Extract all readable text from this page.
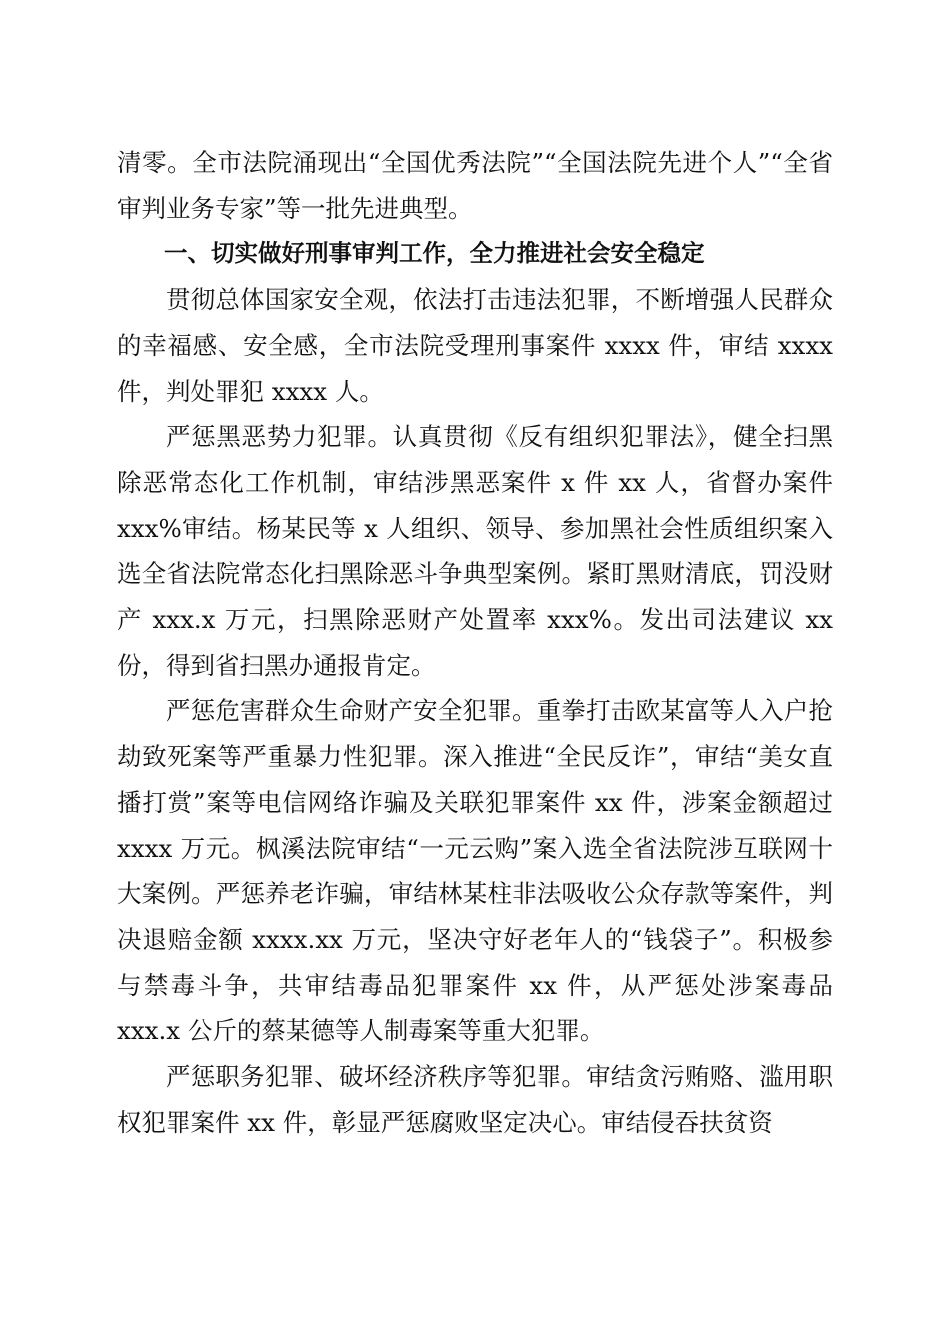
清零。全市法院涌现出“全国优秀法院”“全国法院先进个人”“全省审判业务专家”等一批先进典型。

一、切实做好刑事审判工作，全力推进社会安全稳定

贯彻总体国家安全观，依法打击违法犯罪，不断增强人民群众的幸福感、安全感，全市法院受理刑事案件 xxxx 件，审结 xxxx 件，判处罪犯 xxxx 人。

严惩黑恶势力犯罪。认真贯彻《反有组织犯罪法》，健全扫黑除恶常态化工作机制，审结涉黑恶案件 x 件 xx 人，省督办案件 xxx%审结。杨某民等 x 人组织、领导、参加黑社会性质组织案入选全省法院常态化扫黑除恶斗争典型案例。紧盯黑财清底，罚没财产 xxx.x 万元，扫黑除恶财产处置率 xxx%。发出司法建议 xx 份，得到省扫黑办通报肯定。

严惩危害群众生命财产安全犯罪。重拳打击欧某富等人入户抢劫致死案等严重暴力性犯罪。深入推进“全民反诈”，审结“美女直播打赏”案等电信网络诈骗及关联犯罪案件 xx 件，涉案金额超过 xxxx 万元。枫溪法院审结“一元云购”案入选全省法院涉互联网十大案例。严惩养老诈骗，审结林某柱非法吸收公众存款等案件，判决退赔金额 xxxx.xx 万元，坚决守好老年人的“钱袋子”。积极参与禁毒斗争，共审结毒品犯罪案件 xx 件，从严惩处涉案毒品 xxx.x 公斤的蔡某德等人制毒案等重大犯罪。

严惩职务犯罪、破坏经济秩序等犯罪。审结贪污贿赂、滥用职权犯罪案件 xx 件，彰显严惩腐败坚定决心。审结侵吞扶贫资
